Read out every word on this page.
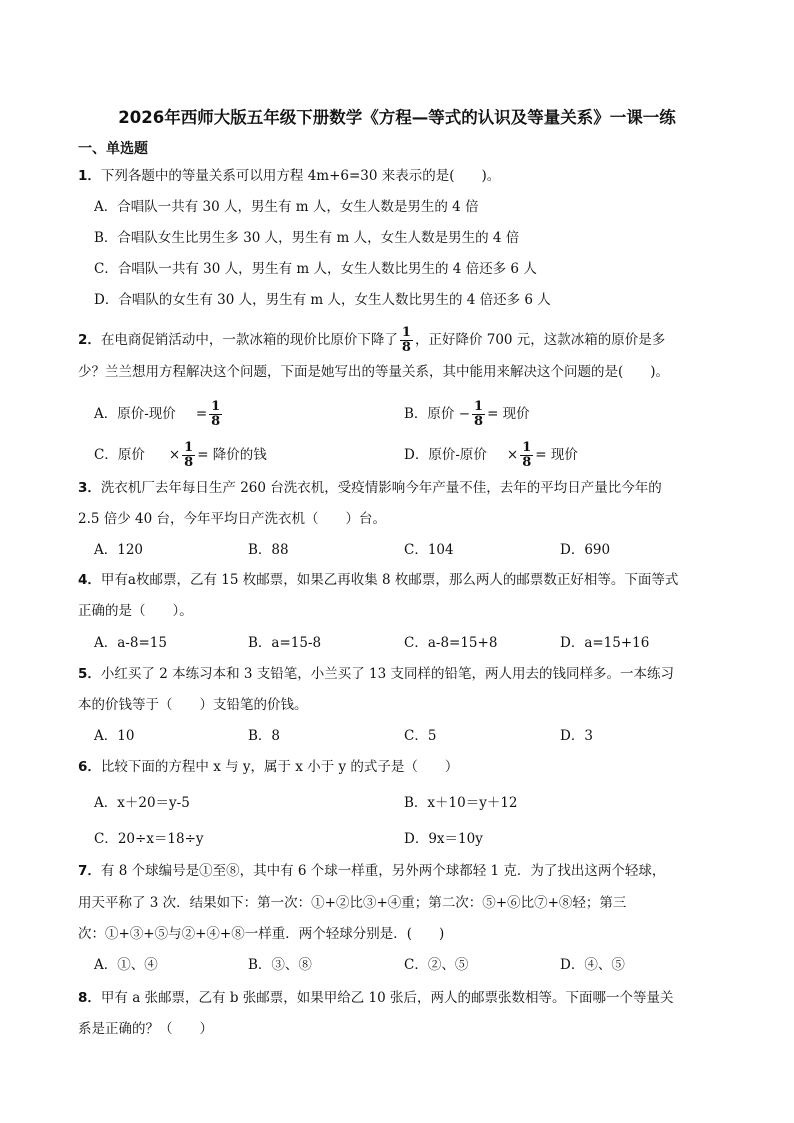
2026年西师大版五年级下册数学《方程—等式的认识及等量关系》一课一练
一、单选题
1．下列各题中的等量关系可以用方程 4m+6=30 来表示的是(　　)。
A．合唱队一共有 30 人，男生有 m 人，女生人数是男生的 4 倍
B．合唱队女生比男生多 30 人，男生有 m 人，女生人数是男生的 4 倍
C．合唱队一共有 30 人，男生有 m 人，女生人数比男生的 4 倍还多 6 人
D．合唱队的女生有 30 人，男生有 m 人，女生人数比男生的 4 倍还多 6 人
2．在电商促销活动中，一款冰箱的现价比原价下降了 $\frac{1}{8}$ ，正好降价 700 元，这款冰箱的原价是多
少？兰兰想用方程解决这个问题，下面是她写出的等量关系，其中能用来解决这个问题的是(　　)。
A．原价-现价 = $\frac{1}{8}$	B．原价 − $\frac{1}{8}$ = 现价
C．原价 × $\frac{1}{8}$ = 降价的钱	D．原价-原价 × $\frac{1}{8}$ = 现价
3．洗衣机厂去年每日生产 260 台洗衣机，受疫情影响今年产量不佳，去年的平均日产量比今年的
2.5 倍少 40 台，今年平均日产洗衣机（　　）台。
A．120	B．88	C．104	D．690
4．甲有a枚邮票，乙有 15 枚邮票，如果乙再收集 8 枚邮票，那么两人的邮票数正好相等。下面等式
正确的是（　　）。
A．a-8=15	B．a=15-8	C．a-8=15+8	D．a=15+16
5．小红买了 2 本练习本和 3 支铅笔，小兰买了 13 支同样的铅笔，两人用去的钱同样多。一本练习
本的价钱等于（　　）支铅笔的价钱。
A．10	B．8	C．5	D．3
6．比较下面的方程中 x 与 y，属于 x 小于 y 的式子是（　　）
A．x＋20＝y-5	B．x＋10＝y＋12
C．20÷x＝18÷y	D．9x＝10y
7．有 8 个球编号是①至⑧，其中有 6 个球一样重，另外两个球都轻 1 克．为了找出这两个轻球，
用天平称了 3 次．结果如下：第一次：①+②比③+④重；第二次：⑤+⑥比⑦+⑧轻；第三
次：①+③+⑤与②+④+⑧一样重．两个轻球分别是．(　　)
A．①、④	B．③、⑧	C．②、⑤	D．④、⑤
8．甲有 a 张邮票，乙有 b 张邮票，如果甲给乙 10 张后，两人的邮票张数相等。下面哪一个等量关
系是正确的？（　　）
